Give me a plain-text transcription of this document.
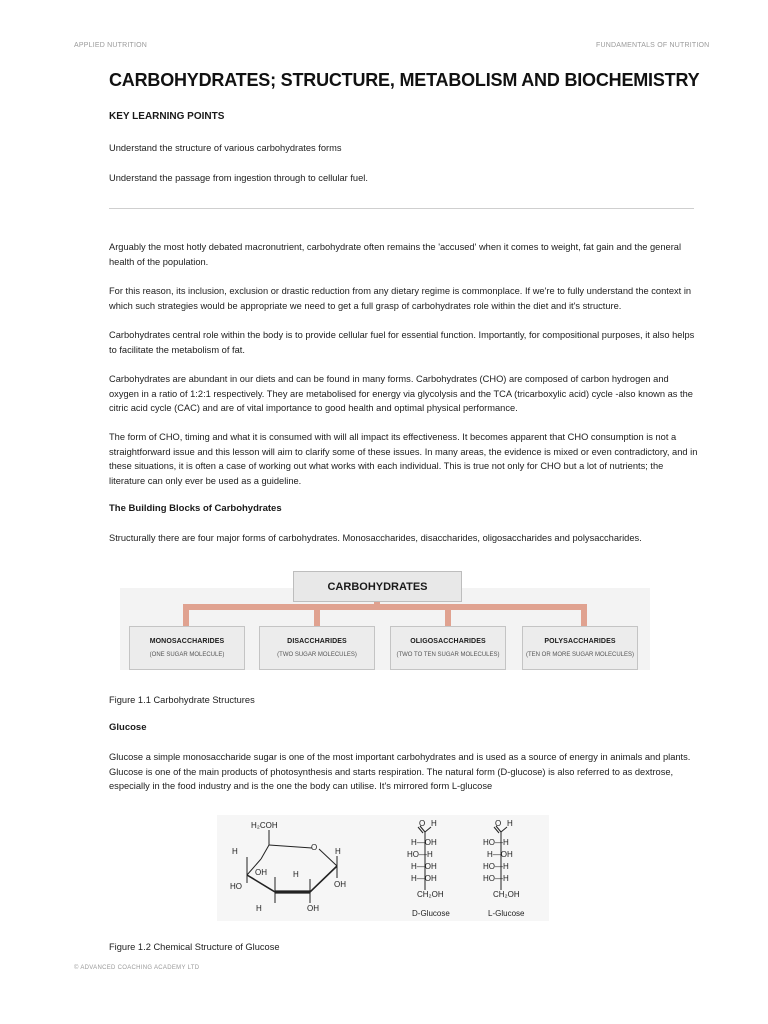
APPLIED NUTRITION	FUNDAMENTALS OF NUTRITION
CARBOHYDRATES; STRUCTURE, METABOLISM AND BIOCHEMISTRY
KEY LEARNING POINTS
Understand the structure of various carbohydrates forms
Understand the passage from ingestion through to cellular fuel.
Arguably the most hotly debated macronutrient, carbohydrate often remains the 'accused' when it comes to weight, fat gain and the general health of the population.
For this reason, its inclusion, exclusion or drastic reduction from any dietary regime is commonplace. If we're to fully understand the context in which such strategies would be appropriate we need to get a full grasp of carbohydrates role within the diet and it's structure.
Carbohydrates central role within the body is to provide cellular fuel for essential function. Importantly, for compositional purposes, it also helps to facilitate the metabolism of fat.
Carbohydrates are abundant in our diets and can be found in many forms. Carbohydrates (CHO) are composed of carbon hydrogen and oxygen in a ratio of 1:2:1 respectively. They are metabolised for energy via glycolysis and the TCA (tricarboxylic acid) cycle -also known as the citric acid cycle (CAC) and are of vital importance to good health and optimal physical performance.
The form of CHO, timing and what it is consumed with will all impact its effectiveness. It becomes apparent that CHO consumption is not a straightforward issue and this lesson will aim to clarify some of these issues. In many areas, the evidence is mixed or even contradictory, and in these situations, it is often a case of working out what works with each individual. This is true not only for CHO but a lot of nutrients; the literature can only ever be used as a guideline.
The Building Blocks of Carbohydrates
Structurally there are four major forms of carbohydrates. Monosaccharides, disaccharides, oligosaccharides and polysaccharides.
CARBOHYDRATES
MONOSACCHARIDES
(ONE SUGAR MOLECULE)
DISACCHARIDES
(TWO SUGAR MOLECULES)
OLIGOSACCHARIDES
(TWO TO TEN SUGAR MOLECULES)
POLYSACCHARIDES
(TEN OR MORE SUGAR MOLECULES)
Figure 1.1 Carbohydrate Structures
Glucose
Glucose a simple monosaccharide sugar is one of the most important carbohydrates and is used as a source of energy in animals and plants. Glucose is one of the main products of photosynthesis and starts respiration. The natural form (D-glucose) is also referred to as dextrose, especially in the food industry and is the one the body can utilise. It's mirrored form L-glucose
H₂COH
O
H
HO
OH
H
H
OH
H
OH
O H
H—OH
HO—H
H—OH
H—OH
CH₂OH
D-Glucose
O H
HO—H
H—OH
HO—H
HO—H
CH₂OH
L-Glucose
Figure 1.2 Chemical Structure of Glucose
© ADVANCED COACHING ACADEMY LTD
